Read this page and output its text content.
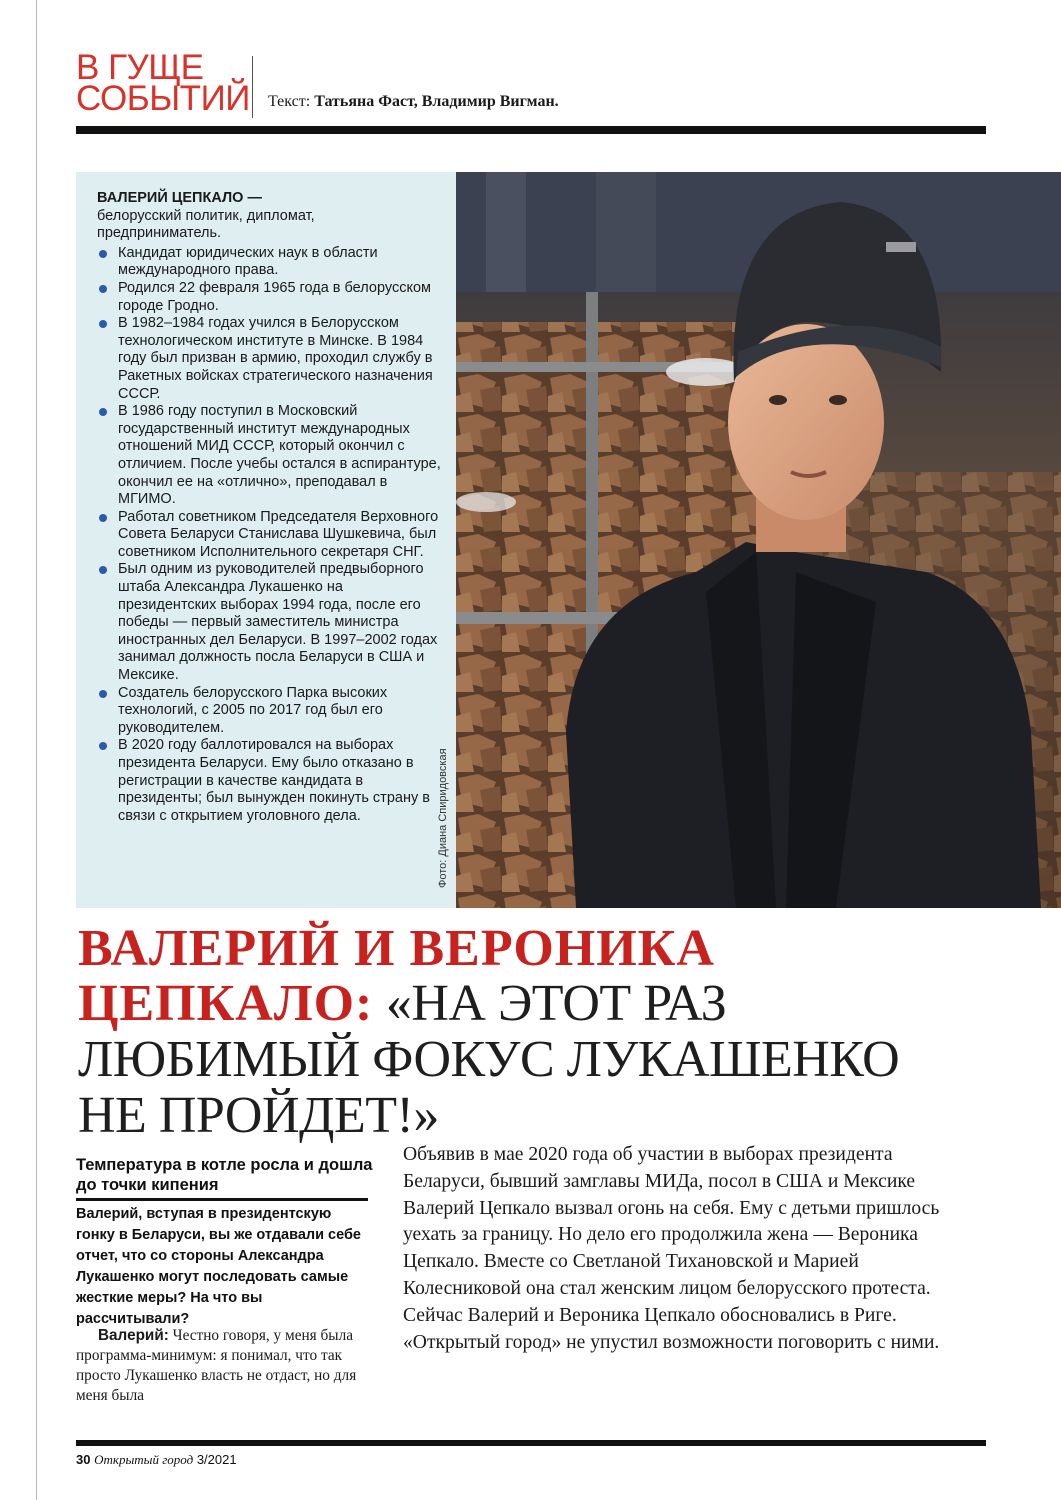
В ГУЩЕ
СОБЫТИЙ Текст: Татьяна Фаст, Владимир Вигман.
ВАЛЕРИЙ ЦЕПКАЛО —
белорусский политик, дипломат, предприниматель.
Кандидат юридических наук в области международного права.
Родился 22 февраля 1965 года в белорусском городе Гродно.
В 1982–1984 годах учился в Белорусском технологическом институте в Минске. В 1984 году был призван в армию, проходил службу в Ракетных войсках стратегического назначения СССР.
В 1986 году поступил в Московский государственный институт международных отношений МИД СССР, который окончил с отличием. После учебы остался в аспирантуре, окончил ее на «отлично», преподавал в МГИМО.
Работал советником Председателя Верховного Совета Беларуси Станислава Шушкевича, был советником Исполнительного секретаря СНГ.
Был одним из руководителей предвыборного штаба Александра Лукашенко на президентских выборах 1994 года, после его победы — первый заместитель министра иностранных дел Беларуси. В 1997–2002 годах занимал должность посла Беларуси в США и Мексике.
Создатель белорусского Парка высоких технологий, с 2005 по 2017 год был его руководителем.
В 2020 году баллотировался на выборах президента Беларуси. Ему было отказано в регистрации в качестве кандидата в президенты; был вынужден покинуть страну в связи с открытием уголовного дела.	Фото: Диана Спиридовская
ВАЛЕРИЙ И ВЕРОНИКА
ЦЕПКАЛО: «НА ЭТОТ РАЗ
ЛЮБИМЫЙ ФОКУС ЛУКАШЕНКО
НЕ ПРОЙДЕТ!»
Температура в котле росла и дошла до точки кипения
Валерий, вступая в президентскую гонку в Беларуси, вы же отдавали себе отчет, что со стороны Александра Лукашенко могут последовать самые жесткие меры? На что вы рассчитывали?
Валерий: Честно говоря, у меня была программа-минимум: я понимал, что так просто Лукашенко власть не отдаст, но для меня была
Объявив в мае 2020 года об участии в выборах президента Беларуси, бывший замглавы МИДа, посол в США и Мексике Валерий Цепкало вызвал огонь на себя. Ему с детьми пришлось уехать за границу. Но дело его продолжила жена — Вероника Цепкало. Вместе со Светланой Тихановской и Марией Колесниковой она стал женским лицом белорусского протеста. Сейчас Валерий и Вероника Цепкало обосновались в Риге. «Открытый город» не упустил возможности поговорить с ними.
30 Открытый город 3/2021
